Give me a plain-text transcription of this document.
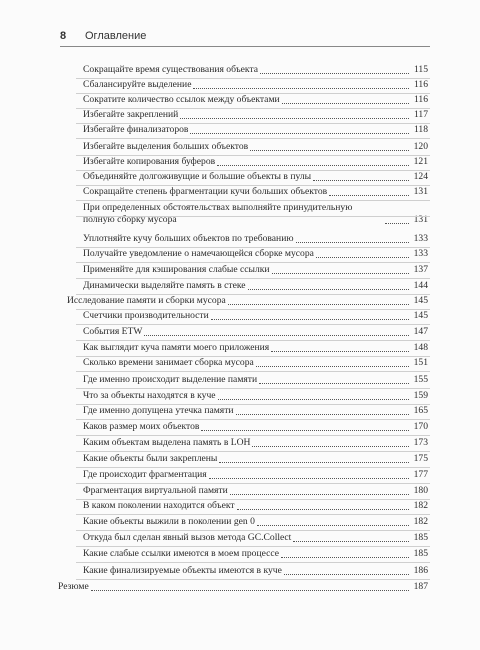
8	Оглавление
Сокращайте время существования объекта	115
Сбалансируйте выделение	116
Сократите количество ссылок между объектами	116
Избегайте закреплений	117
Избегайте финализаторов	118
Избегайте выделения больших объектов	120
Избегайте копирования буферов	121
Объединяйте долгоживущие и большие объекты в пулы	124
Сокращайте степень фрагментации кучи больших объектов	131
При определенных обстоятельствах выполняйте принудительную полную сборку мусора	131
Уплотняйте кучу больших объектов по требованию	133
Получайте уведомление о намечающейся сборке мусора	133
Применяйте для кэширования слабые ссылки	137
Динамически выделяйте память в стеке	144
Исследование памяти и сборки мусора	145
Счетчики производительности	145
События ETW	147
Как выглядит куча памяти моего приложения	148
Сколько времени занимает сборка мусора	151
Где именно происходит выделение памяти	155
Что за объекты находятся в куче	159
Где именно допущена утечка памяти	165
Каков размер моих объектов	170
Каким объектам выделена память в LOH	173
Какие объекты были закреплены	175
Где происходит фрагментация	177
Фрагментация виртуальной памяти	180
В каком поколении находится объект	182
Какие объекты выжили в поколении gen 0	182
Откуда был сделан явный вызов метода GC.Collect	185
Какие слабые ссылки имеются в моем процессе	185
Какие финализируемые объекты имеются в куче	186
Резюме	187
